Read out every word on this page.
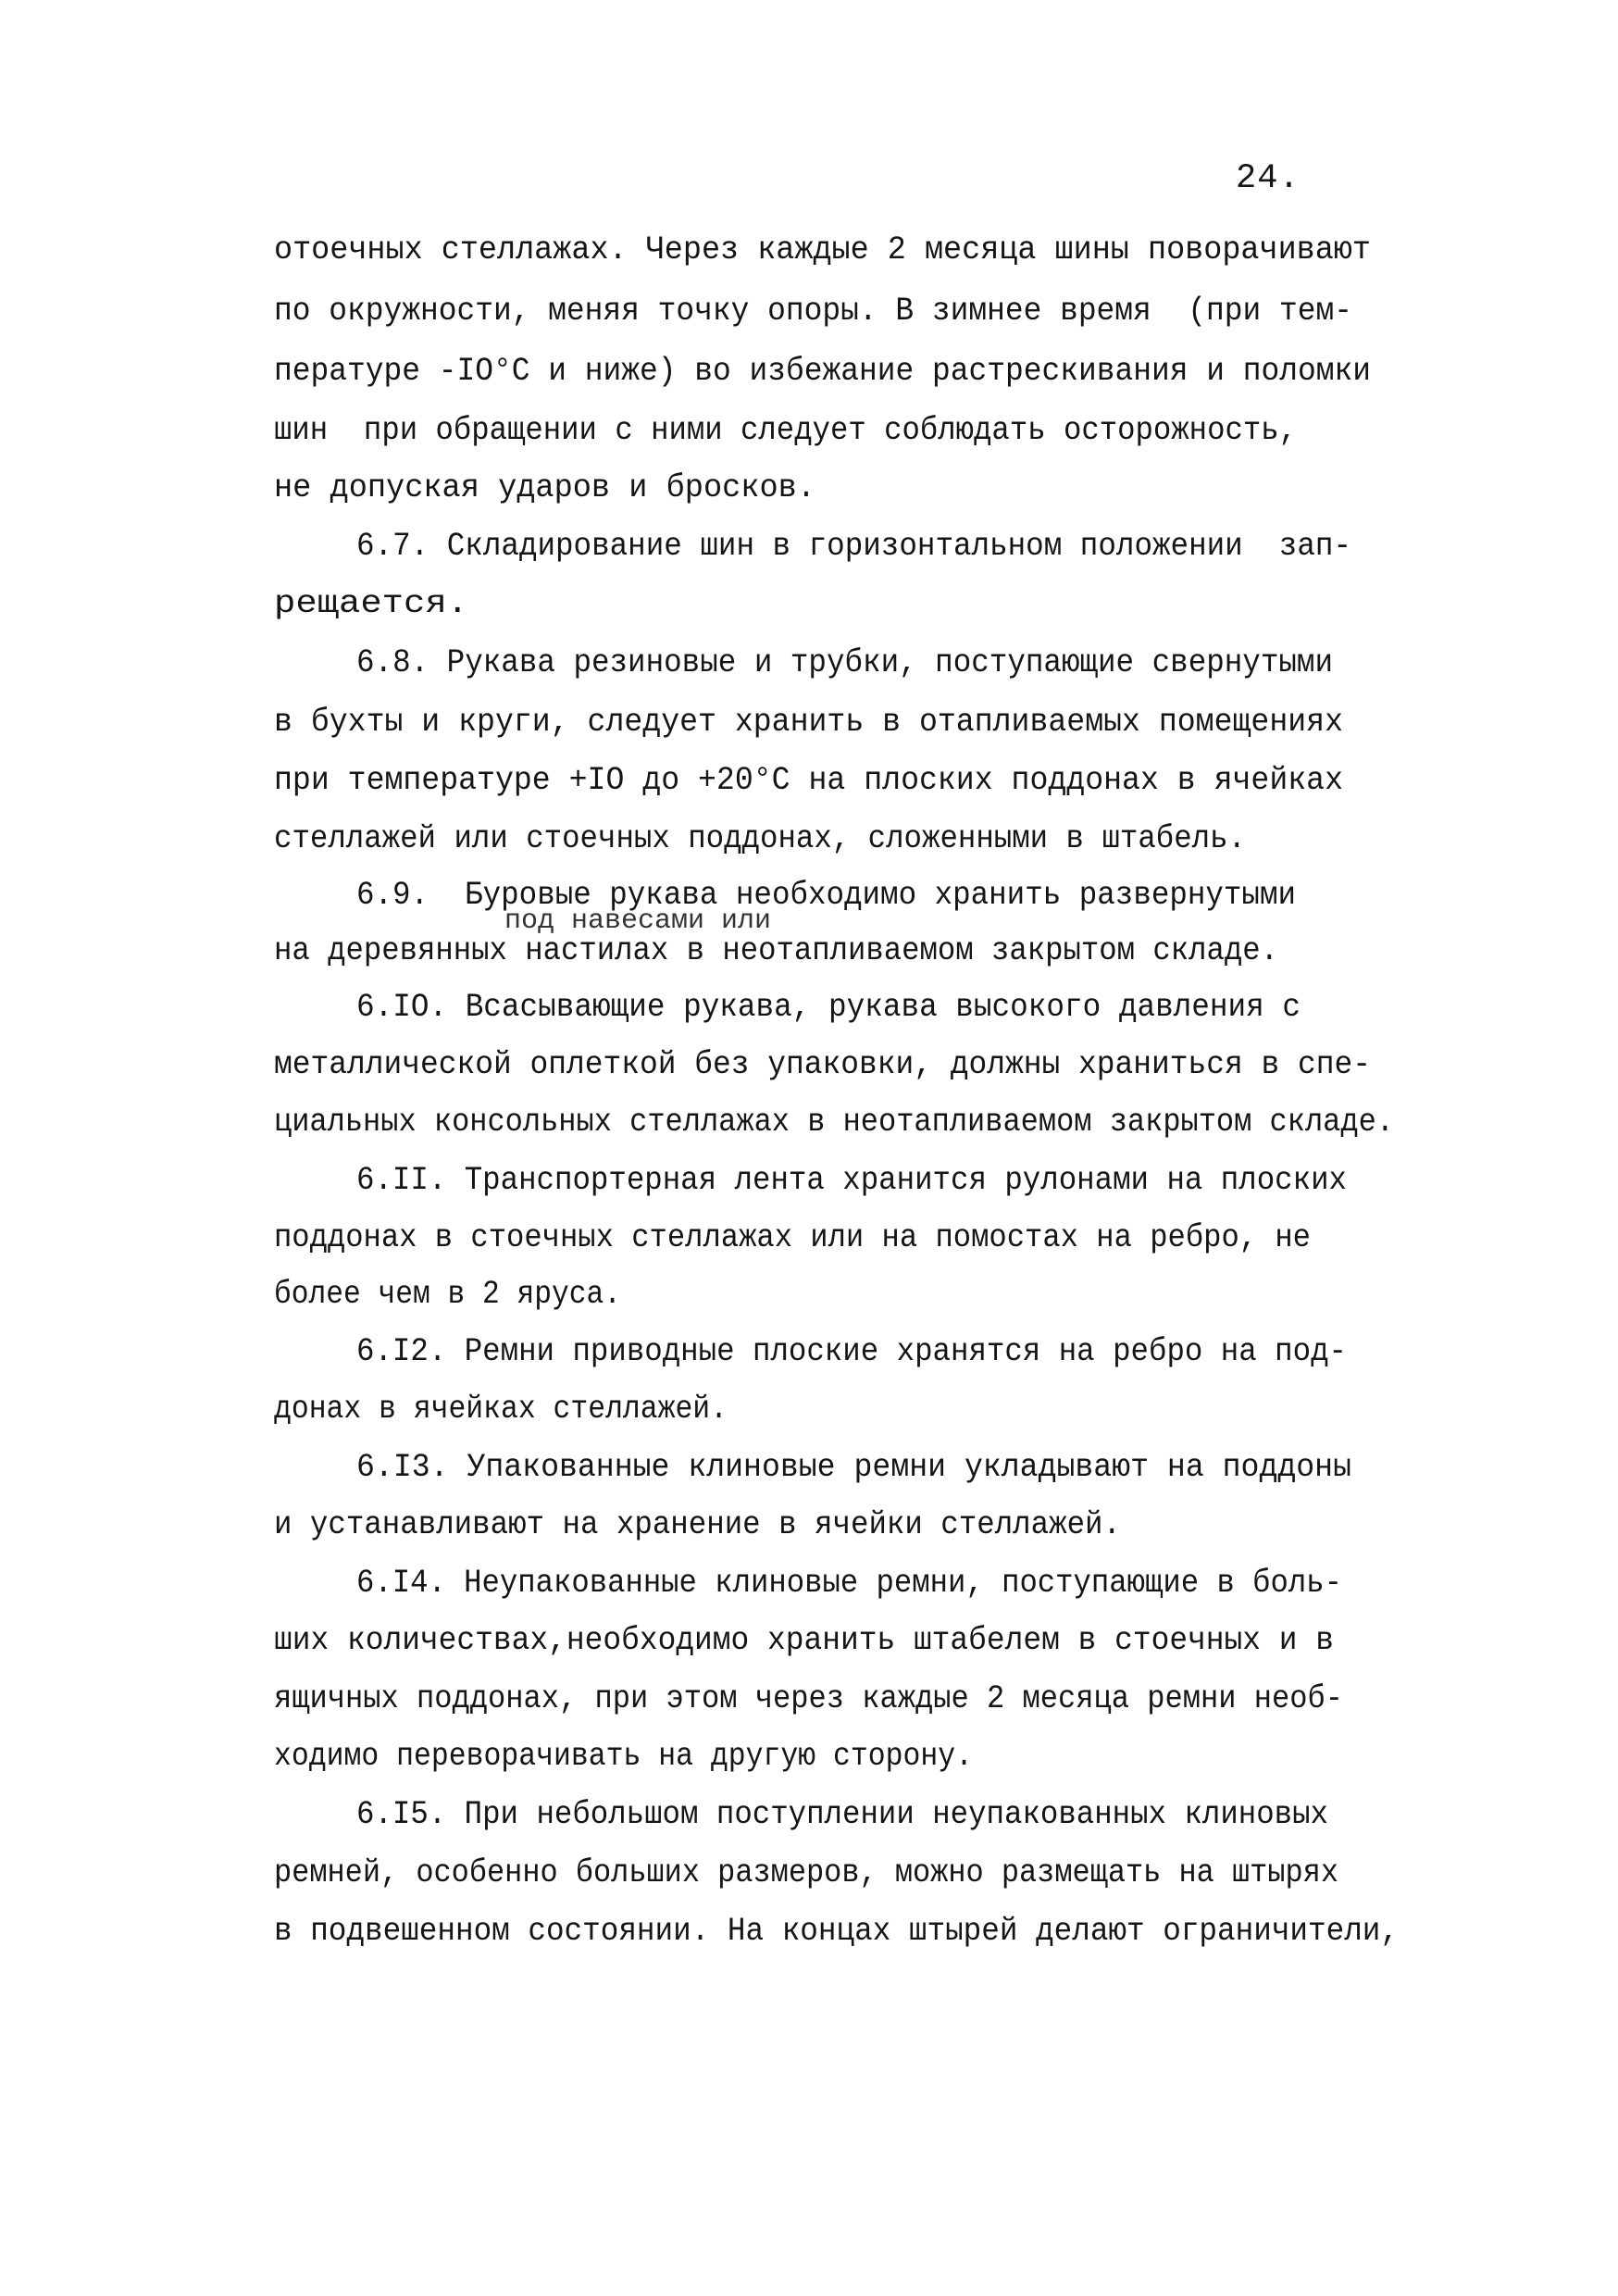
24.
отоечных стеллажах. Через каждые 2 месяца шины поворачивают
по окружности, меняя точку опоры. В зимнее время  (при тем-
пературе -IO°C и ниже) во избежание растрескивания и поломки
шин  при обращении с ними следует соблюдать осторожность,
не допуская ударов и бросков.
6.7. Складирование шин в горизонтальном положении  зап-
рещается.
6.8. Рукава резиновые и трубки, поступающие свернутыми
в бухты и круги, следует хранить в отапливаемых помещениях
при температуре +IO до +20°C на плоских поддонах в ячейках
стеллажей или стоечных поддонах, сложенными в штабель.
6.9.  Буровые рукава необходимо хранить развернутыми
под навесами или
на деревянных настилах в неотапливаемом закрытом складе.
6.IO. Всасывающие рукава, рукава высокого давления с
металлической оплеткой без упаковки, должны храниться в спе-
циальных консольных стеллажах в неотапливаемом закрытом складе.
6.II. Транспортерная лента хранится рулонами на плоских
поддонах в стоечных стеллажах или на помостах на ребро, не
более чем в 2 яруса.
6.I2. Ремни приводные плоские хранятся на ребро на под-
донах в ячейках стеллажей.
6.I3. Упакованные клиновые ремни укладывают на поддоны
и устанавливают на хранение в ячейки стеллажей.
6.I4. Неупакованные клиновые ремни, поступающие в боль-
ших количествах,необходимо хранить штабелем в стоечных и в
ящичных поддонах, при этом через каждые 2 месяца ремни необ-
ходимо переворачивать на другую сторону.
6.I5. При небольшом поступлении неупакованных клиновых
ремней, особенно больших размеров, можно размещать на штырях
в подвешенном состоянии. На концах штырей делают ограничители,
